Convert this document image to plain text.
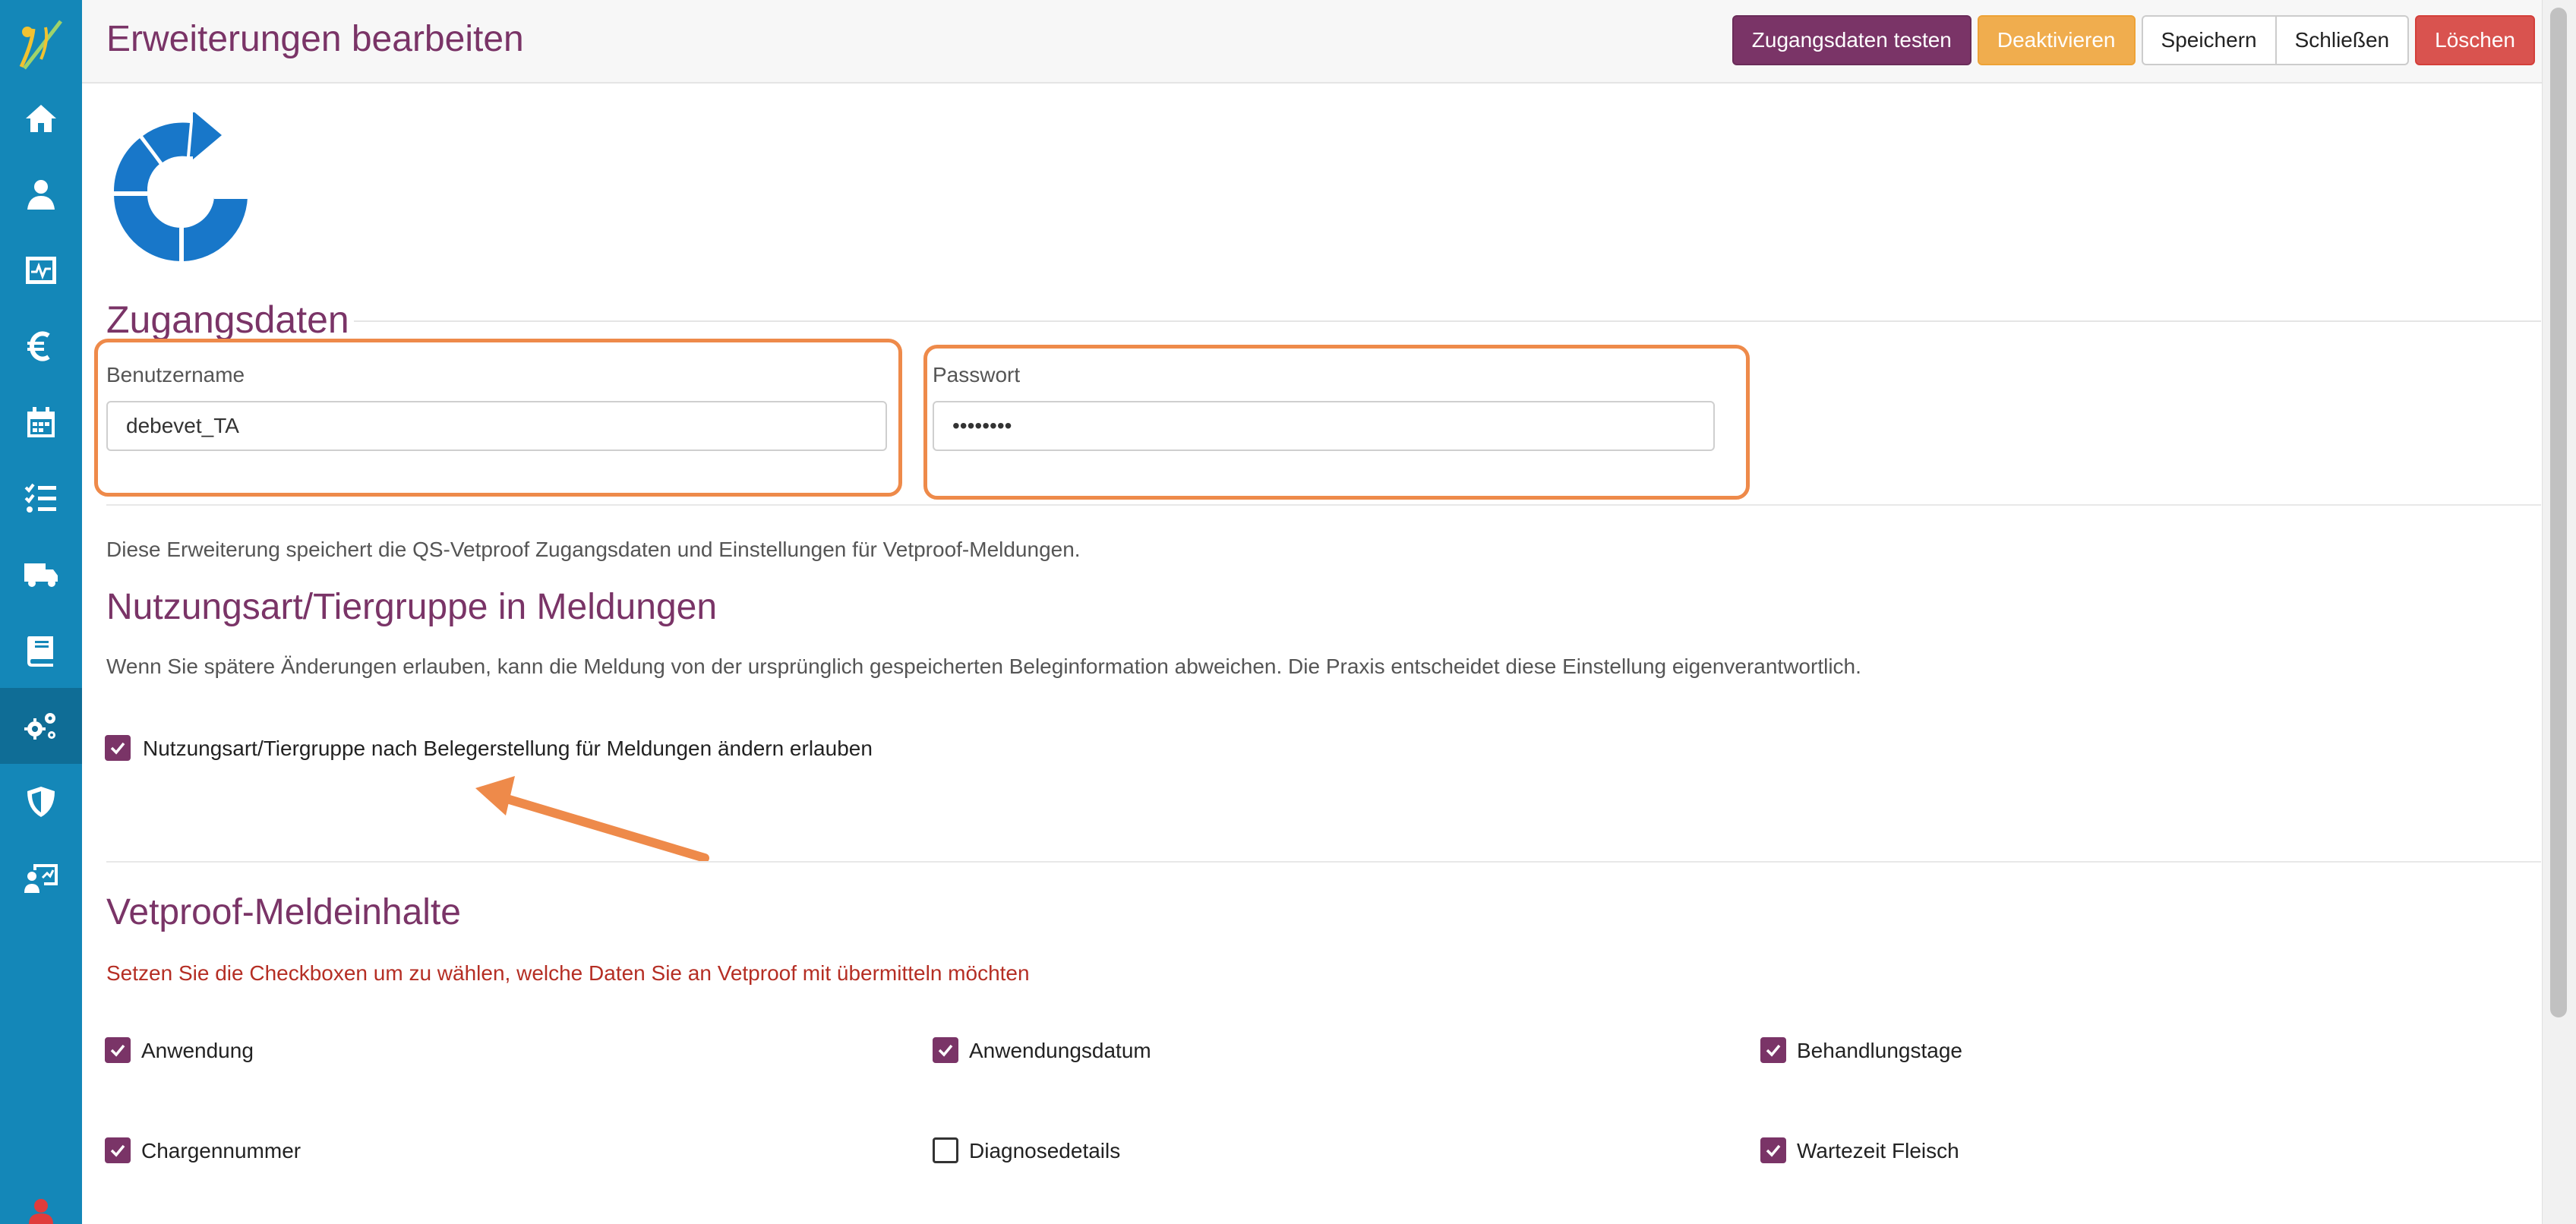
Erweiterungen bearbeiten	Zugangsdaten testen	Deaktivieren	Speichern	Schließen	Löschen
Zugangsdaten
Benutzername
debevet_TA	Passwort
••••••••
Diese Erweiterung speichert die QS-Vetproof Zugangsdaten und Einstellungen für Vetproof-Meldungen.
Nutzungsart/Tiergruppe in Meldungen
Wenn Sie spätere Änderungen erlauben, kann die Meldung von der ursprünglich gespeicherten Beleginformation abweichen. Die Praxis entscheidet diese Einstellung eigenverantwortlich.
Nutzungsart/Tiergruppe nach Belegerstellung für Meldungen ändern erlauben
Vetproof-Meldeinhalte
Setzen Sie die Checkboxen um zu wählen, welche Daten Sie an Vetproof mit übermitteln möchten
Anwendung	Anwendungsdatum	Behandlungstage
Chargennummer	Diagnosedetails	Wartezeit Fleisch
